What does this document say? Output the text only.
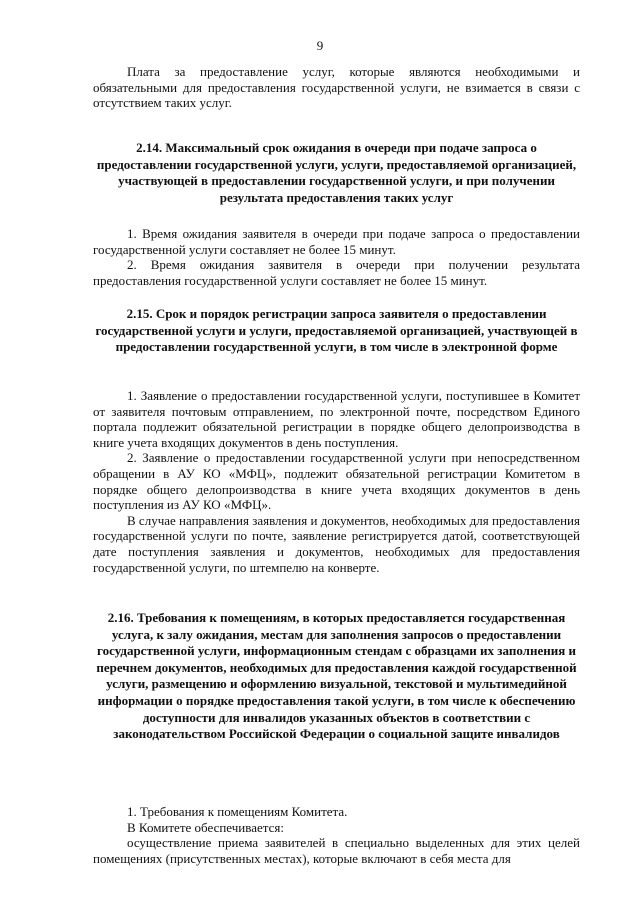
9

Плата за предоставление услуг, которые являются необходимыми и обязательными для предоставления государственной услуги, не взимается в связи с отсутствием таких услуг.

2.14. Максимальный срок ожидания в очереди при подаче запроса о предоставлении государственной услуги, услуги, предоставляемой организацией, участвующей в предоставлении государственной услуги, и при получении результата предоставления таких услуг

1. Время ожидания заявителя в очереди при подаче запроса о предоставлении государственной услуги составляет не более 15 минут.

2. Время ожидания заявителя в очереди при получении результата предоставления государственной услуги составляет не более 15 минут.

2.15. Срок и порядок регистрации запроса заявителя о предоставлении государственной услуги и услуги, предоставляемой организацией, участвующей в предоставлении государственной услуги, в том числе в электронной форме

1. Заявление о предоставлении государственной услуги, поступившее в Комитет от заявителя почтовым отправлением, по электронной почте, посредством Единого портала подлежит обязательной регистрации в порядке общего делопроизводства в книге учета входящих документов в день поступления.

2. Заявление о предоставлении государственной услуги при непосредственном обращении в АУ КО «МФЦ», подлежит обязательной регистрации Комитетом в порядке общего делопроизводства в книге учета входящих документов в день поступления из АУ КО «МФЦ».

В случае направления заявления и документов, необходимых для предоставления государственной услуги по почте, заявление регистрируется датой, соответствующей дате поступления заявления и документов, необходимых для предоставления государственной услуги, по штемпелю на конверте.

2.16. Требования к помещениям, в которых предоставляется государственная услуга, к залу ожидания, местам для заполнения запросов о предоставлении государственной услуги, информационным стендам с образцами их заполнения и перечнем документов, необходимых для предоставления каждой государственной услуги, размещению и оформлению визуальной, текстовой и мультимедийной информации о порядке предоставления такой услуги, в том числе к обеспечению доступности для инвалидов указанных объектов в соответствии с законодательством Российской Федерации о социальной защите инвалидов

1. Требования к помещениям Комитета.

В Комитете обеспечивается:

осуществление приема заявителей в специально выделенных для этих целей помещениях (присутственных местах), которые включают в себя места для
